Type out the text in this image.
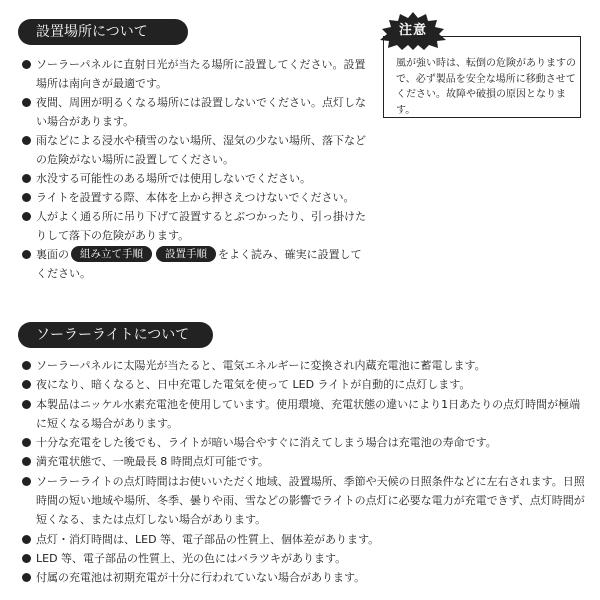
設置場所について
ソーラーパネルに直射日光が当たる場所に設置してください。設置場所は南向きが最適です。
夜間、周囲が明るくなる場所には設置しないでください。点灯しない場合があります。
雨などによる浸水や積雪のない場所、湿気の少ない場所、落下などの危険がない場所に設置してください。
水没する可能性のある場所では使用しないでください。
ライトを設置する際、本体を上から押さえつけないでください。
人がよく通る所に吊り下げて設置するとぶつかったり、引っ掛けたりして落下の危険があります。
裏面の 組み立て手順 設置手順 をよく読み、確実に設置してください。
注意
風が強い時は、転倒の危険がありますので、必ず製品を安全な場所に移動させてください。故障や破損の原因となります。
ソーラーライトについて
ソーラーパネルに太陽光が当たると、電気エネルギーに変換され内蔵充電池に蓄電します。
夜になり、暗くなると、日中充電した電気を使って LED ライトが自動的に点灯します。
本製品はニッケル水素充電池を使用しています。使用環境、充電状態の違いにより1日あたりの点灯時間が極端に短くなる場合があります。
十分な充電をした後でも、ライトが暗い場合やすぐに消えてしまう場合は充電池の寿命です。
満充電状態で、一晩最長 8 時間点灯可能です。
ソーラーライトの点灯時間はお使いいただく地域、設置場所、季節や天候の日照条件などに左右されます。日照時間の短い地域や場所、冬季、曇りや雨、雪などの影響でライトの点灯に必要な電力が充電できず、点灯時間が短くなる、または点灯しない場合があります。
点灯・消灯時間は、LED 等、電子部品の性質上、個体差があります。
LED 等、電子部品の性質上、光の色にはバラツキがあります。
付属の充電池は初期充電が十分に行われていない場合があります。
